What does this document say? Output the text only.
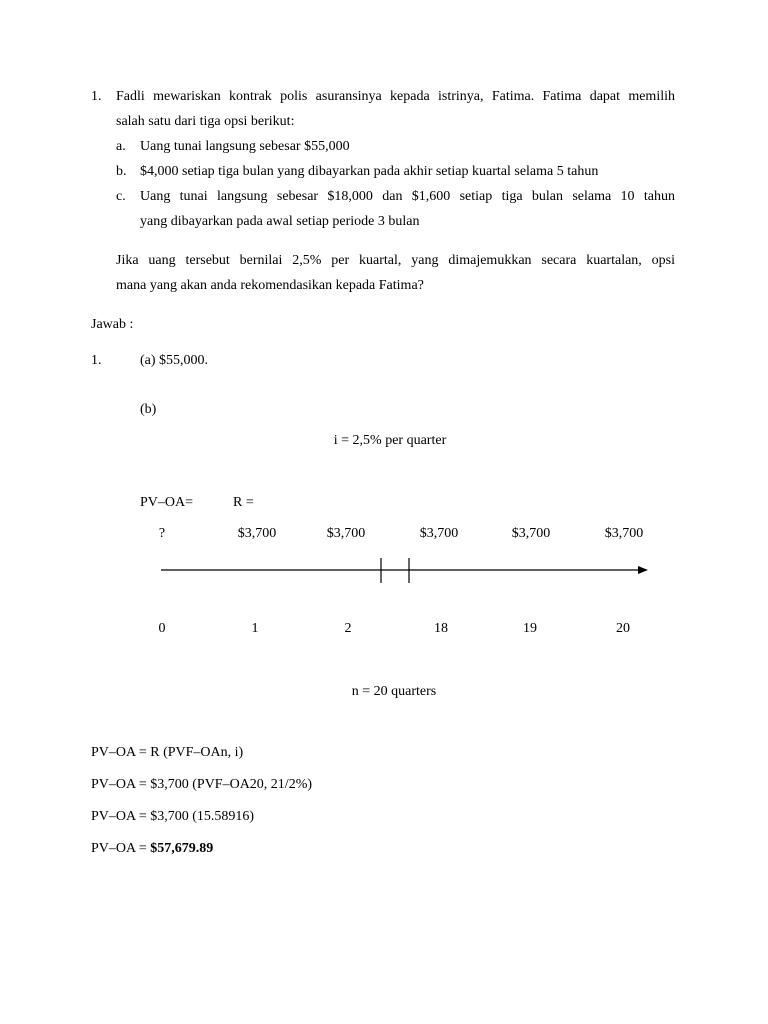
1. Fadli mewariskan kontrak polis asuransinya kepada istrinya, Fatima. Fatima dapat memilih
salah satu dari tiga opsi berikut:
a. Uang tunai langsung sebesar $55,000
b. $4,000 setiap tiga bulan yang dibayarkan pada akhir setiap kuartal selama 5 tahun
c. Uang tunai langsung sebesar $18,000 dan $1,600 setiap tiga bulan selama 10 tahun
yang dibayarkan pada awal setiap periode 3 bulan
Jika uang tersebut bernilai 2,5% per kuartal, yang dimajemukkan secara kuartalan, opsi
mana yang akan anda rekomendasikan kepada Fatima?
Jawab :
1.	(a) $55,000.
(b)
i = 2,5% per quarter
PV–OA=	R =
?	$3,700	$3,700	$3,700	$3,700	$3,700
0	1	2	18	19	20
n = 20 quarters
PV–OA = R (PVF–OAn, i)
PV–OA = $3,700 (PVF–OA20, 21/2%)
PV–OA = $3,700 (15.58916)
PV–OA = $57,679.89
